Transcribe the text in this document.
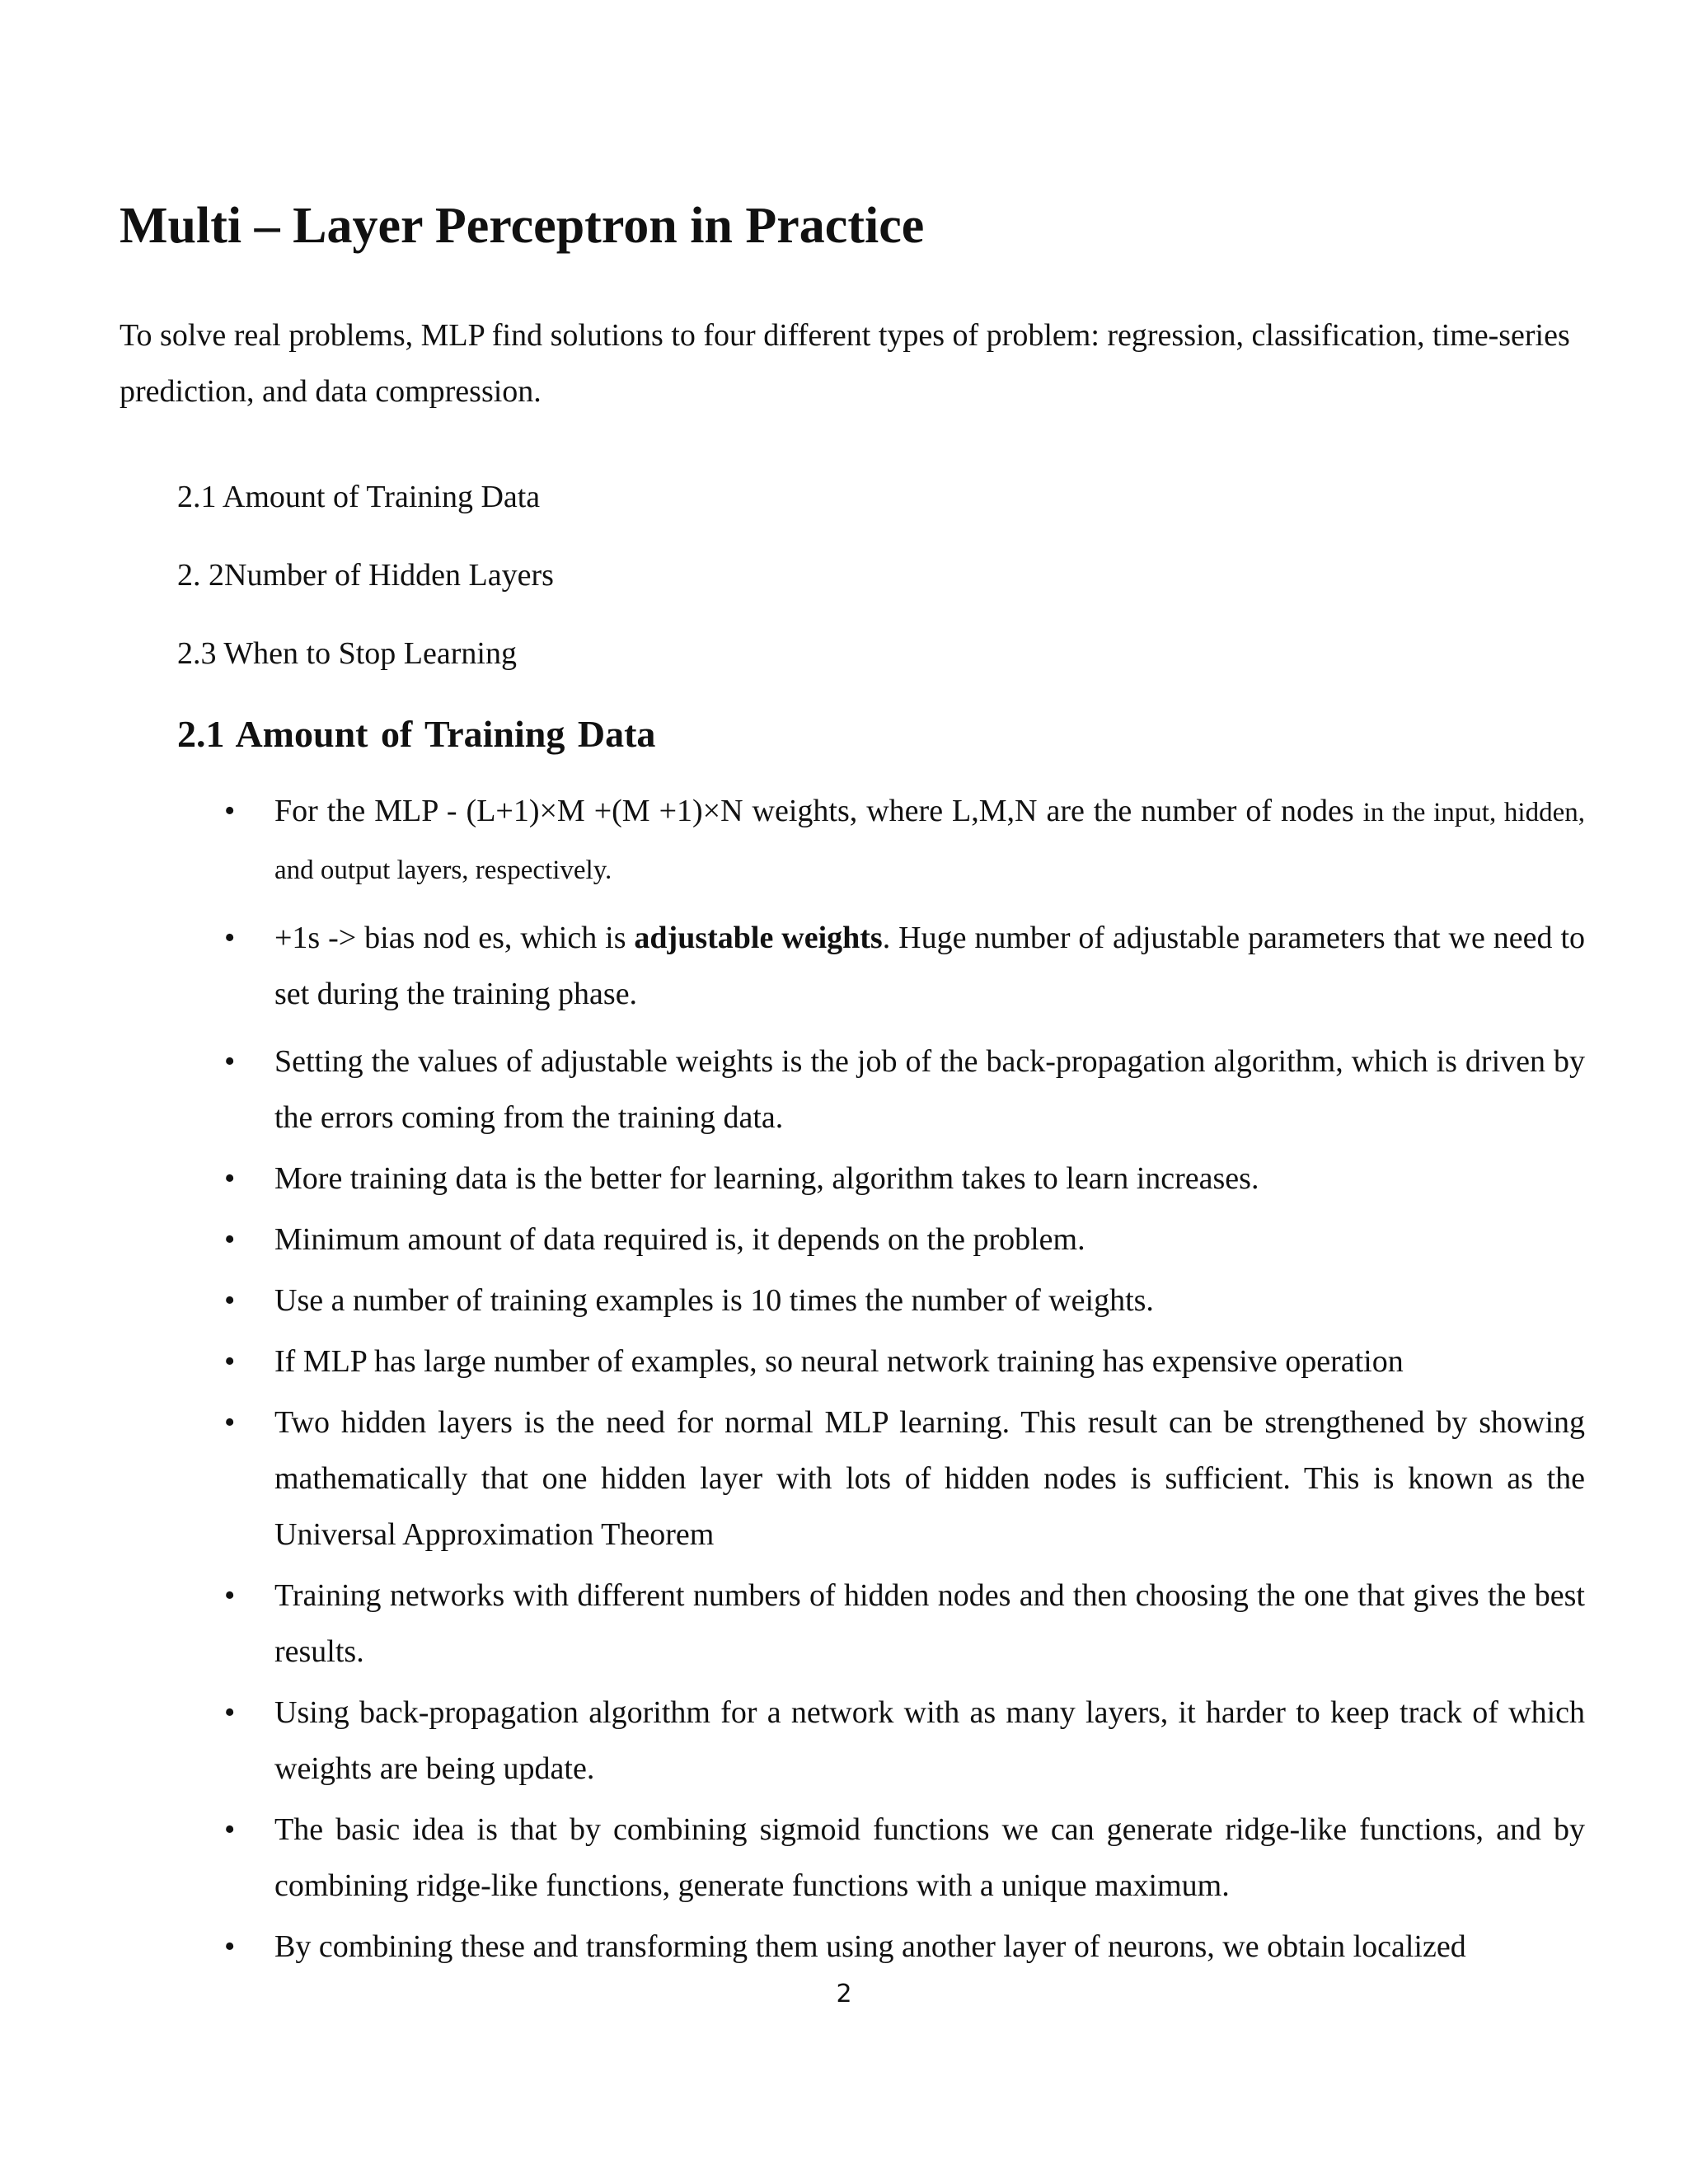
Multi – Layer Perceptron in Practice

To solve real problems, MLP find solutions to four different types of problem: regression, classification, time-series prediction, and data compression.

2.1 Amount of Training Data
2. 2Number of Hidden Layers
2.3 When to Stop Learning
2.1 Amount of Training Data
• For the MLP - (L+1)×M +(M +1)×N weights, where L,M,N are the number of nodes in the input, hidden, and output layers, respectively.
• +1s -> bias nod es, which is adjustable weights. Huge number of adjustable parameters that we need to set during the training phase.
• Setting the values of adjustable weights is the job of the back-propagation algorithm, which is driven by the errors coming from the training data.
• More training data is the better for learning, algorithm takes to learn increases.
• Minimum amount of data required is, it depends on the problem.
• Use a number of training examples is 10 times the number of weights.
• If MLP has large number of examples, so neural network training has expensive operation
• Two hidden layers is the need for normal MLP learning. This result can be strengthened by showing mathematically that one hidden layer with lots of hidden nodes is sufficient. This is known as the Universal Approximation Theorem
• Training networks with different numbers of hidden nodes and then choosing the one that gives the best results.
• Using back-propagation algorithm for a network with as many layers, it harder to keep track of which weights are being update.
• The basic idea is that by combining sigmoid functions we can generate ridge-like functions, and by combining ridge-like functions, generate functions with a unique maximum.
• By combining these and transforming them using another layer of neurons, we obtain localized
2
